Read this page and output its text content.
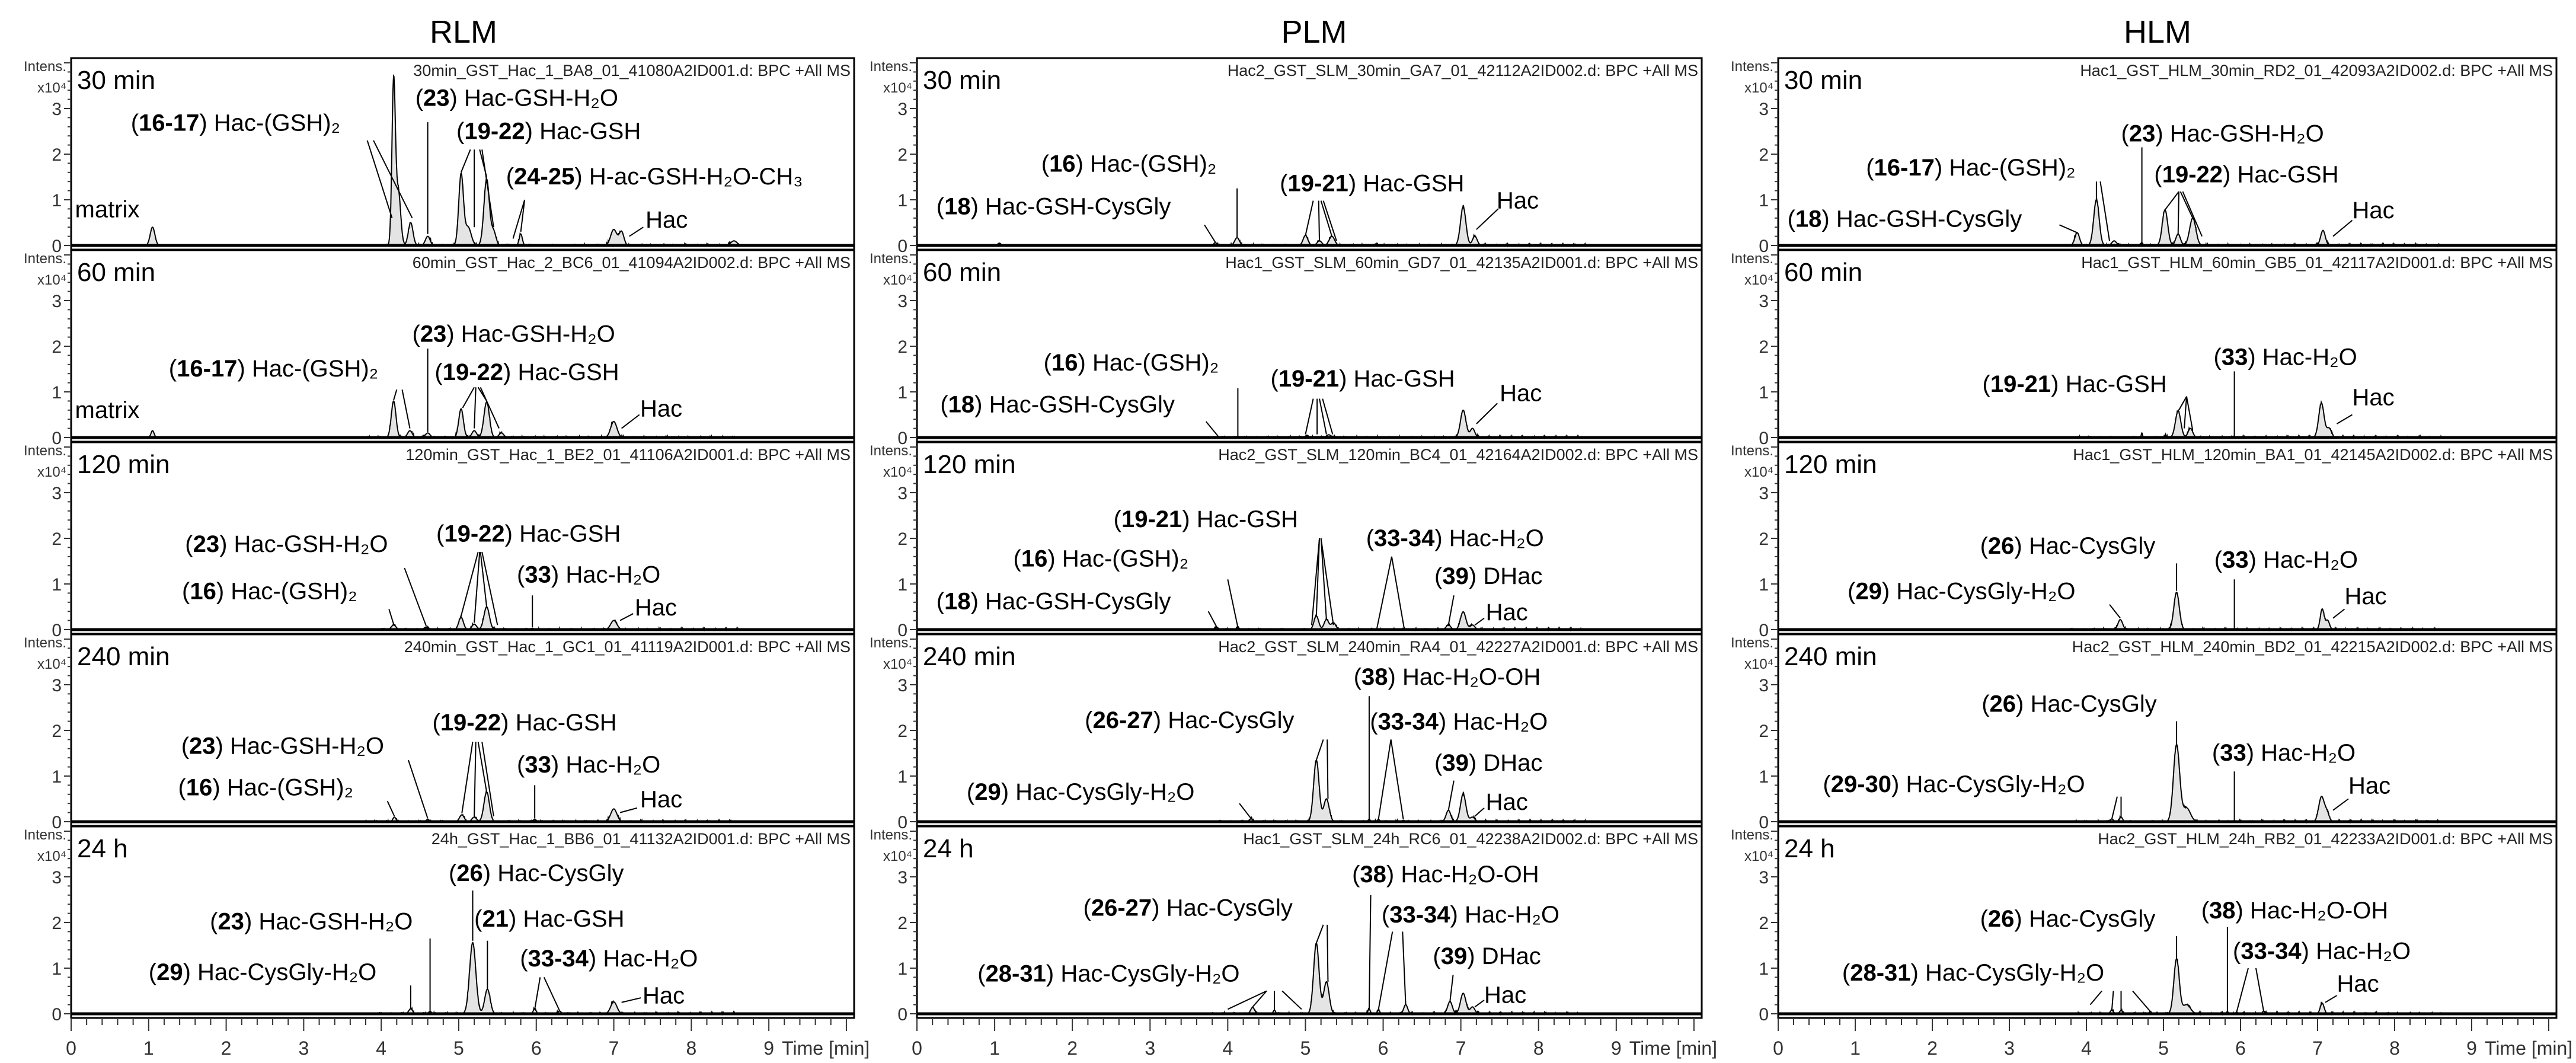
RLM	PLM	HLM
0
1
2
3
Intens.
x10⁴ 30 min	30min_GST_Hac_1_BA8_01_41080A2ID001.d: BPC +All MS
matrix
(16-17) Hac-(GSH)₂
(23) Hac-GSH-H₂O
(19-22) Hac-GSH
(24-25) H-ac-GSH-H₂O-CH₃
Hac
0
1
2
3
Intens.
x10⁴ 60 min	60min_GST_Hac_2_BC6_01_41094A2ID002.d: BPC +All MS
matrix
(16-17) Hac-(GSH)₂
(23) Hac-GSH-H₂O
(19-22) Hac-GSH
Hac
0
1
2
3
Intens.
x10⁴ 120 min	120min_GST_Hac_1_BE2_01_41106A2ID001.d: BPC +All MS
(23) Hac-GSH-H₂O
(16) Hac-(GSH)₂
(19-22) Hac-GSH
(33) Hac-H₂O
Hac
0
1
2
3
Intens.
x10⁴ 240 min	240min_GST_Hac_1_GC1_01_41119A2ID001.d: BPC +All MS
(23) Hac-GSH-H₂O
(16) Hac-(GSH)₂
(19-22) Hac-GSH
(33) Hac-H₂O
Hac
0
1
2
3
Intens.
x10⁴ 24 h	24h_GST_Hac_1_BB6_01_41132A2ID001.d: BPC +All MS
(26) Hac-CysGly
(23) Hac-GSH-H₂O	(21) Hac-GSH
(29) Hac-CysGly-H₂O
(33-34) Hac-H₂O
Hac
0	1	2	3	4	5	6	7	8	9 Time [min]
0
1
2
3
Intens.
x10⁴ 30 min	Hac2_GST_SLM_30min_GA7_01_42112A2ID002.d: BPC +All MS
(18) Hac-GSH-CysGly
(16) Hac-(GSH)₂
(19-21) Hac-GSH
Hac
0
1
2
3
Intens.
x10⁴ 60 min	Hac1_GST_SLM_60min_GD7_01_42135A2ID001.d: BPC +All MS
(16) Hac-(GSH)₂
(18) Hac-GSH-CysGly
(19-21) Hac-GSH
Hac
0
1
2
3
Intens.
x10⁴ 120 min	Hac2_GST_SLM_120min_BC4_01_42164A2ID002.d: BPC +All MS
(19-21) Hac-GSH
(16) Hac-(GSH)₂
(18) Hac-GSH-CysGly
(33-34) Hac-H₂O
(39) DHac
Hac
0
1
2
3
Intens.
x10⁴ 240 min	Hac2_GST_SLM_240min_RA4_01_42227A2ID001.d: BPC +All MS
(38) Hac-H₂O-OH
(26-27) Hac-CysGly	(33-34) Hac-H₂O
(39) DHac
(29) Hac-CysGly-H₂O	Hac
0
1
2
3
Intens.
x10⁴ 24 h	Hac1_GST_SLM_24h_RC6_01_42238A2ID002.d: BPC +All MS
(38) Hac-H₂O-OH
(26-27) Hac-CysGly	(33-34) Hac-H₂O
(39) DHac
(28-31) Hac-CysGly-H₂O
Hac
0	1	2	3	4	5	6	7	8	9 Time [min]
0
1
2
3
Intens.
x10⁴ 30 min	Hac1_GST_HLM_30min_RD2_01_42093A2ID002.d: BPC +All MS
(18) Hac-GSH-CysGly
(16-17) Hac-(GSH)₂
(23) Hac-GSH-H₂O
(19-22) Hac-GSH
Hac
0
1
2
3
Intens.
x10⁴ 60 min	Hac1_GST_HLM_60min_GB5_01_42117A2ID001.d: BPC +All MS
(19-21) Hac-GSH
(33) Hac-H₂O
Hac
0
1
2
3
Intens.
x10⁴ 120 min	Hac1_GST_HLM_120min_BA1_01_42145A2ID002.d: BPC +All MS
(26) Hac-CysGly
(33) Hac-H₂O
(29) Hac-CysGly-H₂O	Hac
0
1
2
3
Intens.
x10⁴ 240 min	Hac2_GST_HLM_240min_BD2_01_42215A2ID002.d: BPC +All MS
(26) Hac-CysGly
(33) Hac-H₂O
(29-30) Hac-CysGly-H₂O	Hac
0
1
2
3
Intens.
x10⁴ 24 h	Hac2_GST_HLM_24h_RB2_01_42233A2ID001.d: BPC +All MS
(26) Hac-CysGly (38) Hac-H₂O-OH
(33-34) Hac-H₂O
(28-31) Hac-CysGly-H₂O	Hac
0	1	2	3	4	5	6	7	8	9 Time [min]
